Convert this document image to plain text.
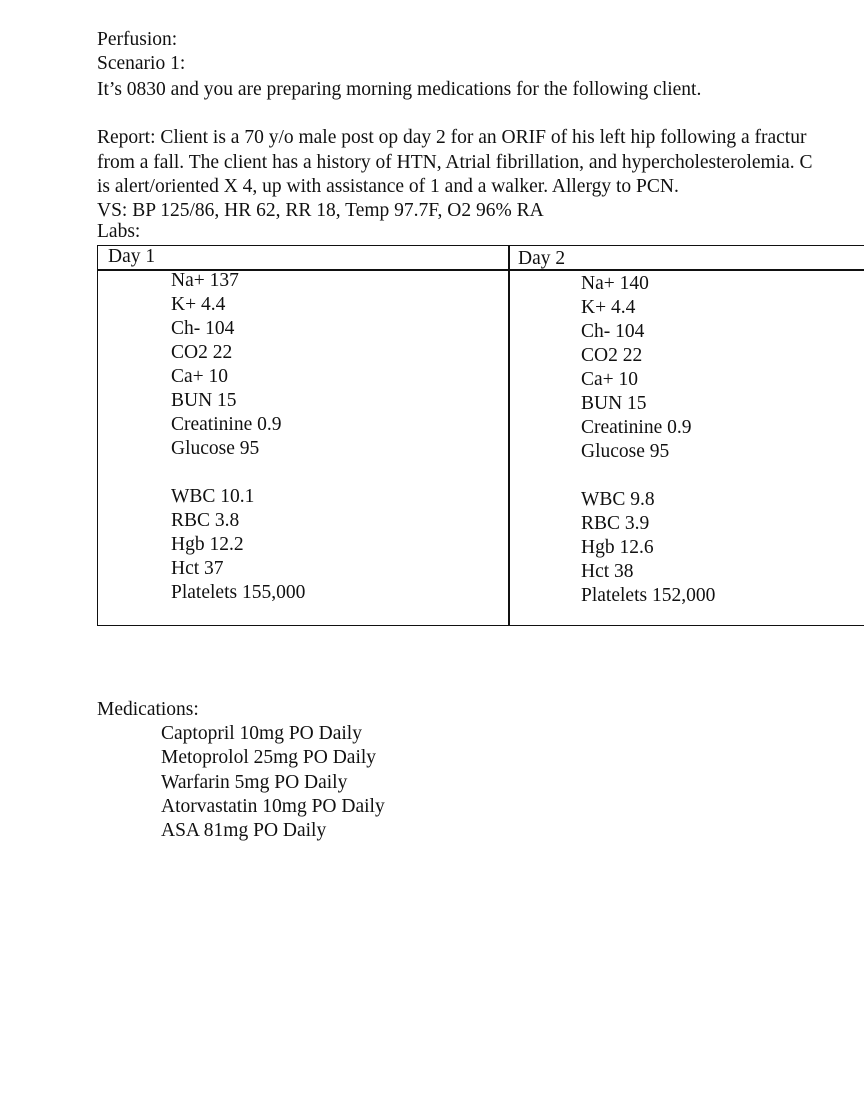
Perfusion:
Scenario 1:
It’s 0830 and you are preparing morning medications for the following client.
Report: Client is a 70 y/o male post op day 2 for an ORIF of his left hip following a fractur
from a fall. The client has a history of HTN, Atrial fibrillation, and hypercholesterolemia. C
is alert/oriented X 4, up with assistance of 1 and a walker. Allergy to PCN.
VS: BP 125/86, HR 62, RR 18, Temp 97.7F, O2 96% RA
Labs:
Day 1	Day 2
Na+ 137
K+ 4.4
Ch- 104
CO2 22
Ca+ 10
BUN 15
Creatinine 0.9
Glucose 95
WBC 10.1
RBC 3.8
Hgb 12.2
Hct 37
Platelets 155,000
Na+ 140
K+ 4.4
Ch- 104
CO2 22
Ca+ 10
BUN 15
Creatinine 0.9
Glucose 95
WBC 9.8
RBC 3.9
Hgb 12.6
Hct 38
Platelets 152,000
Medications:
Captopril 10mg PO Daily
Metoprolol 25mg PO Daily
Warfarin 5mg PO Daily
Atorvastatin 10mg PO Daily
ASA 81mg PO Daily
